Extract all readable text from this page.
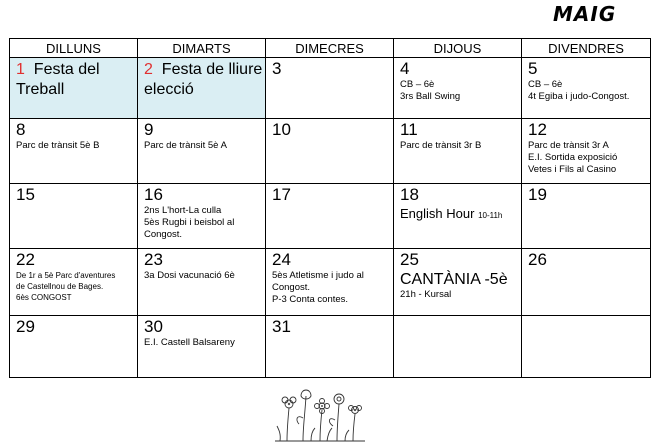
MAIG
DILLUNS	DIMARTS	DIMECRES	DIJOUS	DIVENDRES

1 Festa del Treball	2 Festa de lliure elecció	3	4
CB – 6è
3rs Ball Swing	5
CB – 6è
4t Egiba i judo-Congost.

8
Parc de trànsit 5è B	9
Parc de trànsit 5è A	10	11
Parc de trànsit 3r B	12
Parc de trànsit 3r A
E.I. Sortida exposició
Vetes i Fils al Casino

15	16
2ns L'hort-La culla
5ès Rugbi i beisbol al
Congost.	17	18
English Hour 10-11h	19

22
De 1r a 5è Parc d'aventures
de Castellnou de Bages.
6ès CONGOST	23
3a Dosi vacunació 6è	24
5ès Atletisme i judo al
Congost.
P-3 Conta contes.	25
CANTÀNIA -5è
21h - Kursal	26

29	30
E.I. Castell Balsareny	31		
